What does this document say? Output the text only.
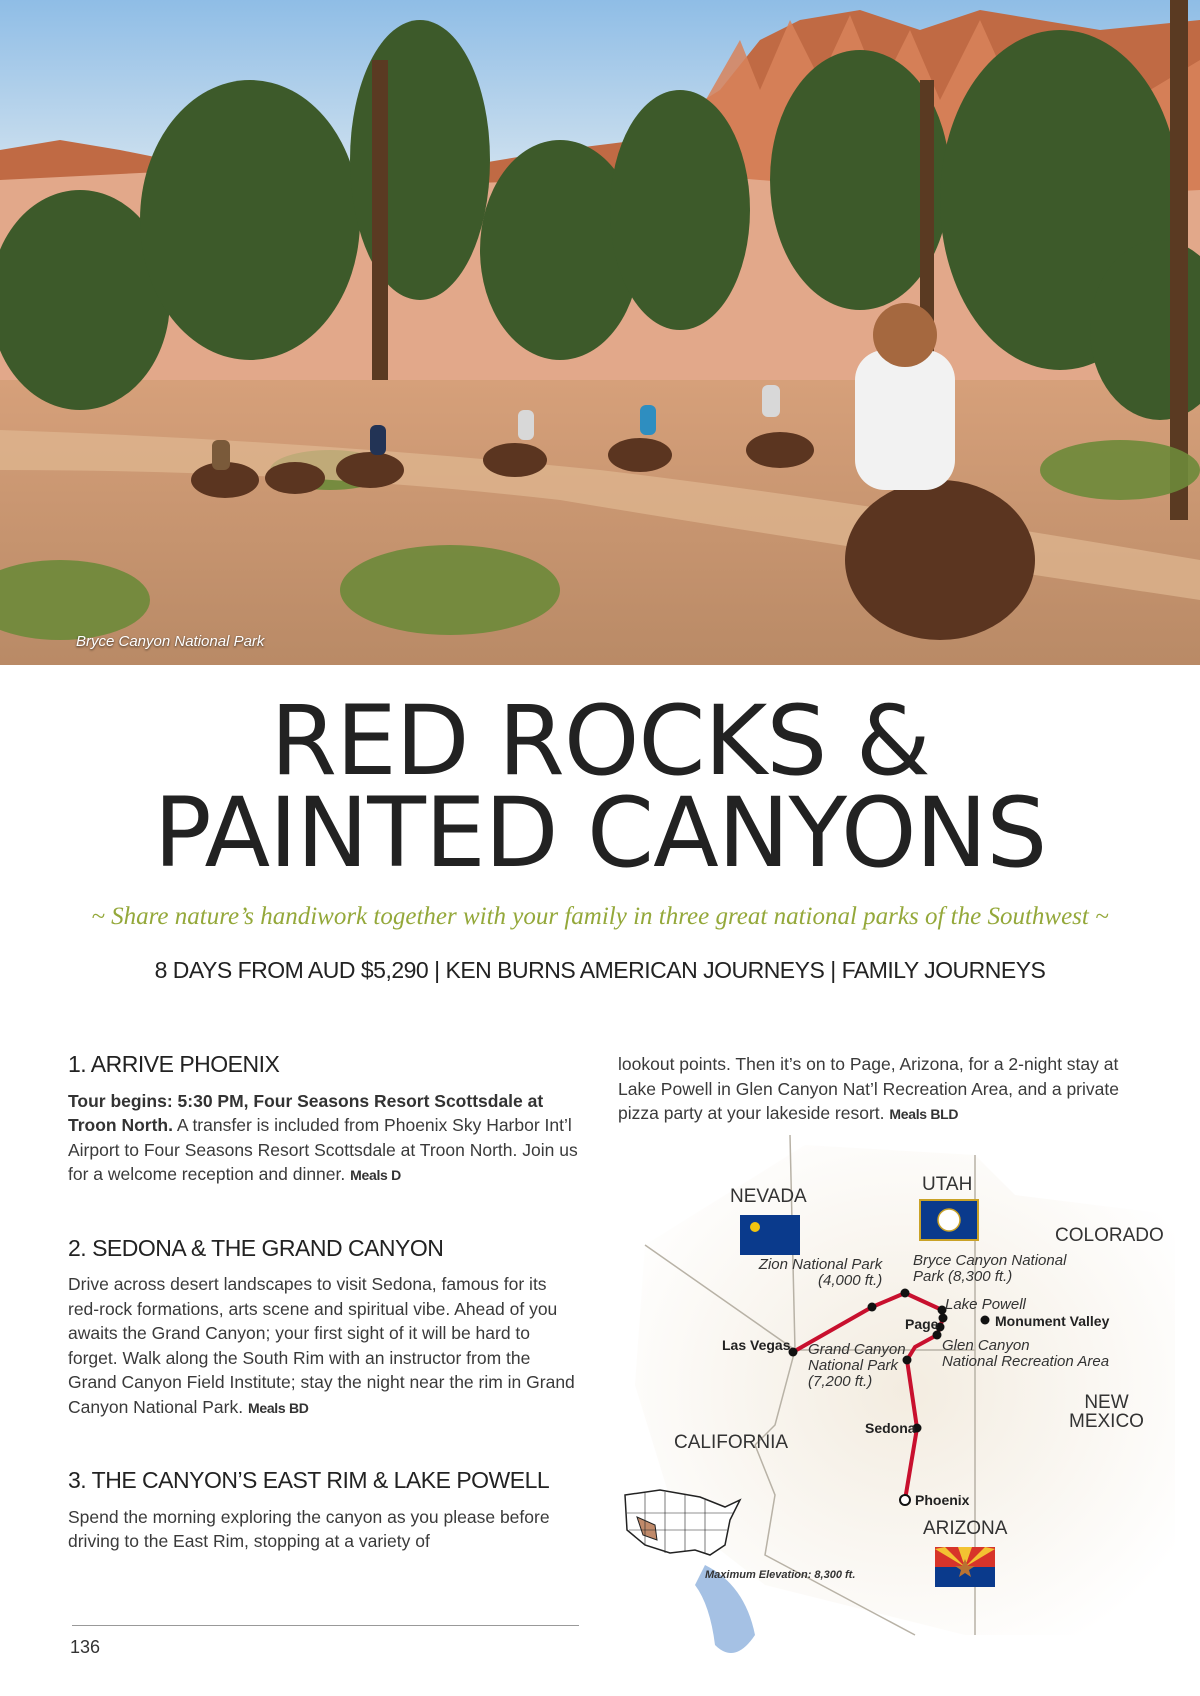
Bryce Canyon National Park
RED ROCKS &
PAINTED CANYONS
~ Share nature’s handiwork together with your family in three great national parks of the Southwest ~
8 DAYS FROM AUD $5,290 | KEN BURNS AMERICAN JOURNEYS | FAMILY JOURNEYS
1. ARRIVE PHOENIX

Tour begins: 5:30 PM, Four Seasons Resort Scottsdale at Troon North. A transfer is included from Phoenix Sky Harbor Int’l Airport to Four Seasons Resort Scottsdale at Troon North. Join us for a welcome reception and dinner. Meals D

2. SEDONA & THE GRAND CANYON

Drive across desert landscapes to visit Sedona, famous for its red-rock formations, arts scene and spiritual vibe. Ahead of you awaits the Grand Canyon; your first sight of it will be hard to forget. Walk along the South Rim with an instructor from the Grand Canyon Field Institute; stay the night near the rim in Grand Canyon National Park. Meals BD

3. THE CANYON’S EAST RIM & LAKE POWELL

Spend the morning exploring the canyon as you please before driving to the East Rim, stopping at a variety of

lookout points. Then it’s on to Page, Arizona, for a 2-night stay at Lake Powell in Glen Canyon Nat’l Recreation Area, and a private pizza party at your lakeside resort. Meals BLD

136
NEVADA
UTAH
COLORADO
CALIFORNIA
ARIZONA
NEW
MEXICO
Zion National Park
(4,000 ft.)
Bryce Canyon National
Park (8,300 ft.)
Lake Powell
Grand Canyon
National Park
(7,200 ft.)
Glen Canyon
National Recreation Area
Las Vegas
Page	Monument Valley
Sedona
Phoenix
Maximum Elevation: 8,300 ft.
